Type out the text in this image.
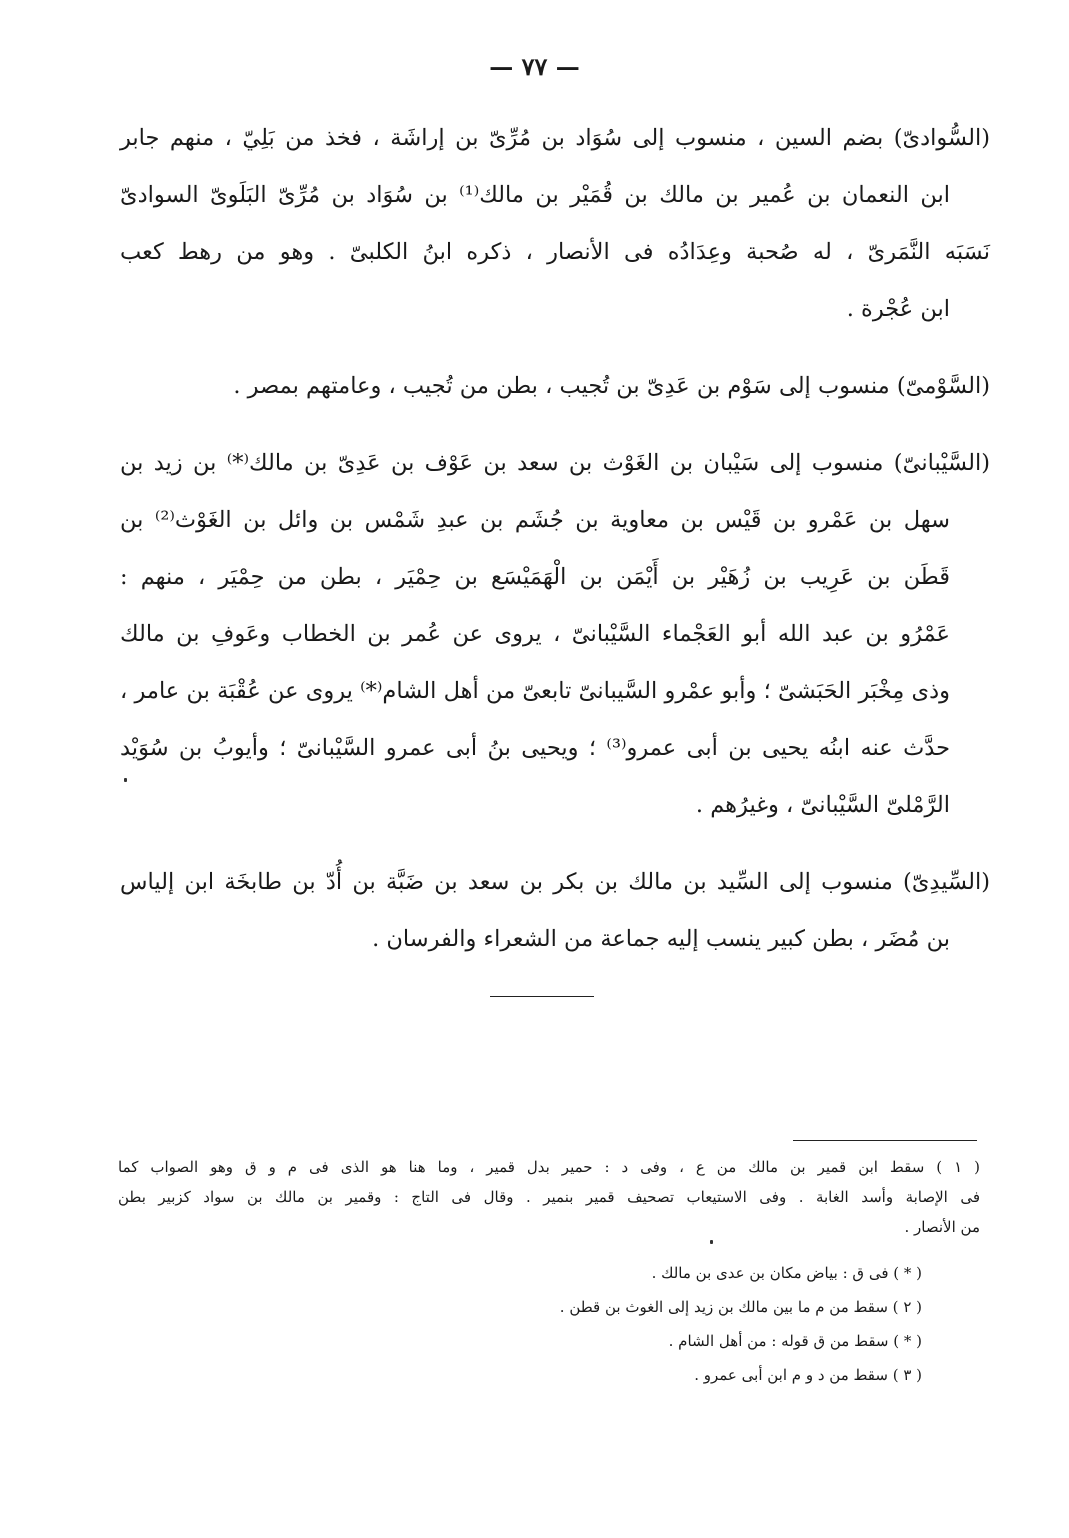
— ٧٧ —
(السُّوادىّ) بضم السين ، منسوب إلى سُوَاد بن مُرِّىّ بن إراشَة ، فخذ من بَلِيّ ، منهم جابر
ابن النعمان بن عُمير بن مالك بن قُمَيْر بن مالك⁽¹⁾ بن سُوَاد بن مُرِّىّ البَلَوىّ السوادىّ
نَسَبَه النَّمَرىّ ، له صُحبة وعِدَادُه فى الأنصار ، ذكره ابنُ الكلبىّ . وهو من رهط كعب
ابن عُجْرة .
(السَّوْمىّ) منسوب إلى سَوْم بن عَدِىّ بن تُجيب ، بطن من تُجيب ، وعامتهم بمصر .
(السَّيْبانىّ) منسوب إلى سَيْبان بن الغَوْث بن سعد بن عَوْف بن عَدِىّ بن مالك⁽*⁾ بن زيد بن
سهل بن عَمْرو بن قَيْس بن معاوية بن جُشَم بن عبدِ شَمْس بن وائل بن الغَوْث⁽²⁾ بن
قَطَن بن عَرِيب بن زُهَيْر بن أَيْمَن بن الْهَمَيْسَع بن حِمْيَر ، بطن من حِمْيَر ، منهم :
عَمْرُو بن عبد الله أبو العَجْماء السَّيْبانىّ ، يروى عن عُمر بن الخطاب وعَوفِ بن مالك
وذى مِخْبَر الحَبَشىّ ؛ وأبو عمْرو السَّيبانىّ تابعىّ من أهل الشام⁽*⁾ يروى عن عُقْبَة بن عامر ،
حدَّث عنه ابنُه يحيى بن أبى عمرو⁽³⁾ ؛ ويحيى بنُ أبى عمرو السَّيْبانىّ ؛ وأيوبُ بن سُوَيْد
الرَّمْلىّ السَّيْبانىّ ، وغيرُهم .
(السِّيدِىّ) منسوب إلى السِّيد بن مالك بن بكر بن سعد بن ضَبَّة بن أُدّ بن طابخَة ابن إلياس
بن مُضَر ، بطن كبير ينسب إليه جماعة من الشعراء والفرسان .
( ١ ) سقط ابن قمير بن مالك من ع ، وفى د : حمير بدل قمير ، وما هنا هو الذى فى م و ق وهو الصواب كما
فى الإصابة وأسد الغابة . وفى الاستيعاب تصحيف قمير بنمير . وقال فى التاج : وقمير بن مالك بن سواد كزبير بطن
من الأنصار .
( * ) فى ق : بياض مكان بن عدى بن مالك .
( ٢ ) سقط من م ما بين مالك بن زيد إلى الغوث بن قطن .
( * ) سقط من ق قوله : من أهل الشام .
( ٣ ) سقط من د و م ابن أبى عمرو .
